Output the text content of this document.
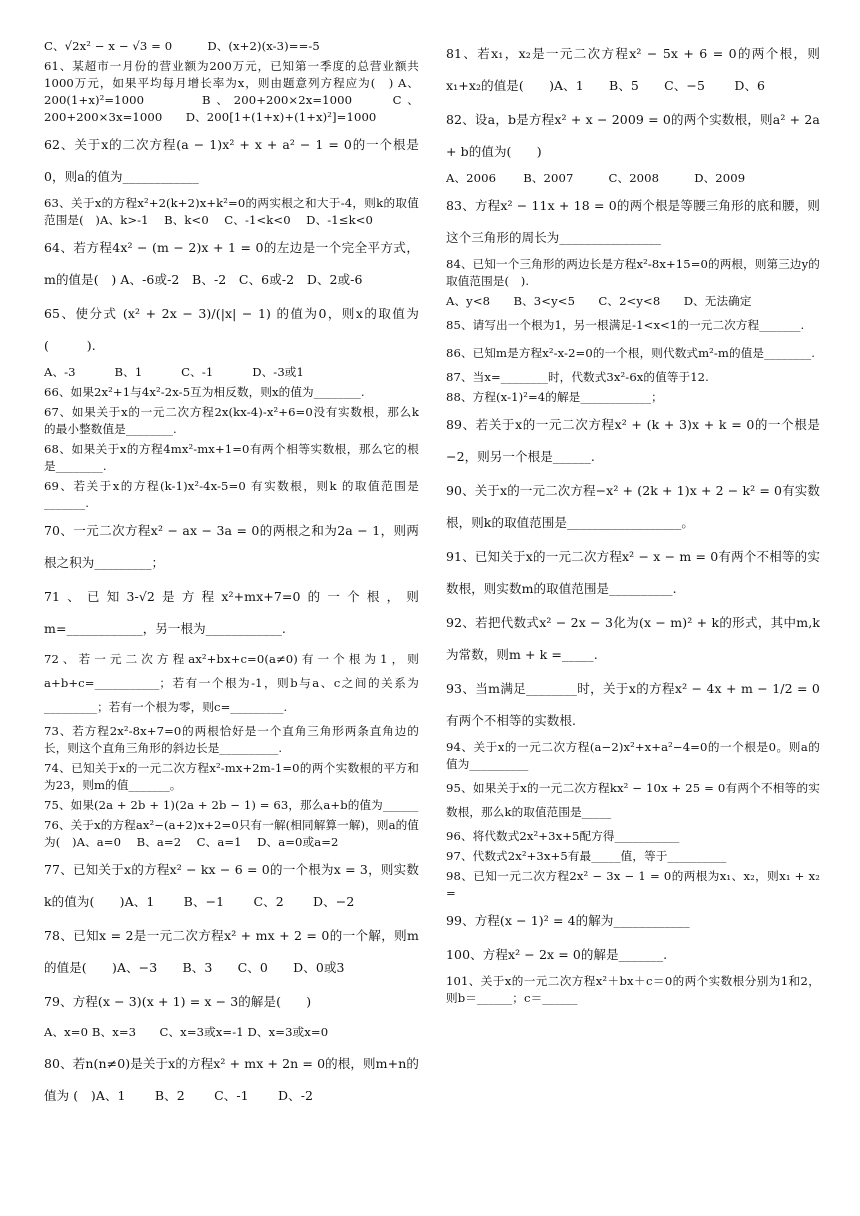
C、√2x² − x − √3 = 0　　　D、(x+2)(x-3)==-5
61、某超市一月份的营业额为200万元，已知第一季度的总营业额共1000万元，如果平均每月增长率为x，则由题意列方程应为(　) A、200(1+x)²=1000　　　B、200+200×2x=1000　　C、200+200×3x=1000　　D、200[1+(1+x)+(1+x)²]=1000
62、关于x的二次方程(a − 1)x² + x + a² − 1 = 0的一个根是0，则a的值为____________
63、关于x的方程x²+2(k+2)x+k²=0的两实根之和大于-4，则k的取值范围是(　)A、k>-1　 B、k<0　 C、-1<k<0　 D、-1≤k<0
64、若方程4x² − (m − 2)x + 1 = 0的左边是一个完全平方式，m的值是(　) A、-6或-2　B、-2　C、6或-2　D、2或-6
65、使分式 (x² + 2x − 3)/(|x| − 1) 的值为0，则x的取值为(　　　).
A、-3　　　 B、1　　　 C、-1　　　 D、-3或1
66、如果2x²+1与4x²-2x-5互为相反数，则x的值为________.
67、如果关于x的一元二次方程2x(kx-4)-x²+6=0没有实数根，那么k 的最小整数值是________.
68、如果关于x的方程4mx²-mx+1=0有两个相等实数根，那么它的根是________.
69、若关于x的方程(k-1)x²-4x-5=0 有实数根，则k 的取值范围是_______.
70、一元二次方程x² − ax − 3a = 0的两根之和为2a − 1，则两根之积为_________；
71、已知3-√2是方程x²+mx+7=0的一个根，则m=____________，另一根为____________.
72、若一元二次方程ax²+bx+c=0(a≠0)有一个根为1，则a+b+c=___________；若有一个根为-1，则b与a、c之间的关系为_________；若有一个根为零，则c=_________.
73、若方程2x²-8x+7=0的两根恰好是一个直角三角形两条直角边的长，则这个直角三角形的斜边长是__________.
74、已知关于x的一元二次方程x²-mx+2m-1=0的两个实数根的平方和为23，则m的值_______。
75、如果(2a + 2b + 1)(2a + 2b − 1) = 63，那么a+b的值为______
76、关于x的方程ax²−(a+2)x+2=0只有一解(相同解算一解)，则a的值为(　)A、a=0　 B、a=2　 C、a=1　 D、a=0或a=2
77、已知关于x的方程x² − kx − 6 = 0的一个根为x = 3，则实数k的值为(　　)A、1　　 B、−1　　 C、2　　 D、−2
78、已知x = 2是一元二次方程x² + mx + 2 = 0的一个解，则m的值是(　　)A、−3　　B、3　　C、0　　D、0或3
79、方程(x − 3)(x + 1) = x − 3的解是(　　)
A、x=0 B、x=3　　C、x=3或x=-1 D、x=3或x=0
80、若n(n≠0)是关于x的方程x² + mx + 2n = 0的根，则m+n的值为 (　)A、1　　 B、2　　 C、-1　　 D、-2
81、若x₁，x₂是一元二次方程x² − 5x + 6 = 0的两个根，则x₁+x₂的值是(　　)A、1　　B、5　　C、−5　　 D、6
82、设a，b是方程x² + x − 2009 = 0的两个实数根，则a² + 2a + b的值为(　　)
A、2006　　 B、2007　　　C、2008　　　D、2009
83、方程x² − 11x + 18 = 0的两个根是等腰三角形的底和腰，则这个三角形的周长为________________
84、已知一个三角形的两边长是方程x²-8x+15=0的两根，则第三边y的取值范围是(　).
A、y<8　　B、3<y<5　　C、2<y<8　　D、无法确定
85、请写出一个根为1，另一根满足-1<x<1的一元二次方程_______.
86、已知m是方程x²-x-2=0的一个根，则代数式m²-m的值是________.
87、当x=________时，代数式3x²-6x的值等于12.
88、方程(x-1)²=4的解是____________；
89、若关于x的一元二次方程x² + (k + 3)x + k = 0的一个根是−2，则另一个根是______.
90、关于x的一元二次方程−x² + (2k + 1)x + 2 − k² = 0有实数根，则k的取值范围是__________________。
91、已知关于x的一元二次方程x² − x − m = 0有两个不相等的实数根，则实数m的取值范围是__________.
92、若把代数式x² − 2x − 3化为(x − m)² + k的形式，其中m,k为常数，则m + k =_____.
93、当m满足________时，关于x的方程x² − 4x + m − 1/2 = 0有两个不相等的实数根.
94、关于x的一元二次方程(a−2)x²+x+a²−4=0的一个根是0。则a的值为__________
95、如果关于x的一元二次方程kx² − 10x + 25 = 0有两个不相等的实数根，那么k的取值范围是_____
96、将代数式2x²+3x+5配方得___________
97、代数式2x²+3x+5有最_____值，等于__________
98、已知一元二次方程2x² − 3x − 1 = 0的两根为x₁、x₂，则x₁ + x₂ =
99、方程(x − 1)² = 4的解为____________
100、方程x² − 2x = 0的解是_______.
101、关于x的一元二次方程x²＋bx＋c＝0的两个实数根分别为1和2，则b＝______；c＝______
